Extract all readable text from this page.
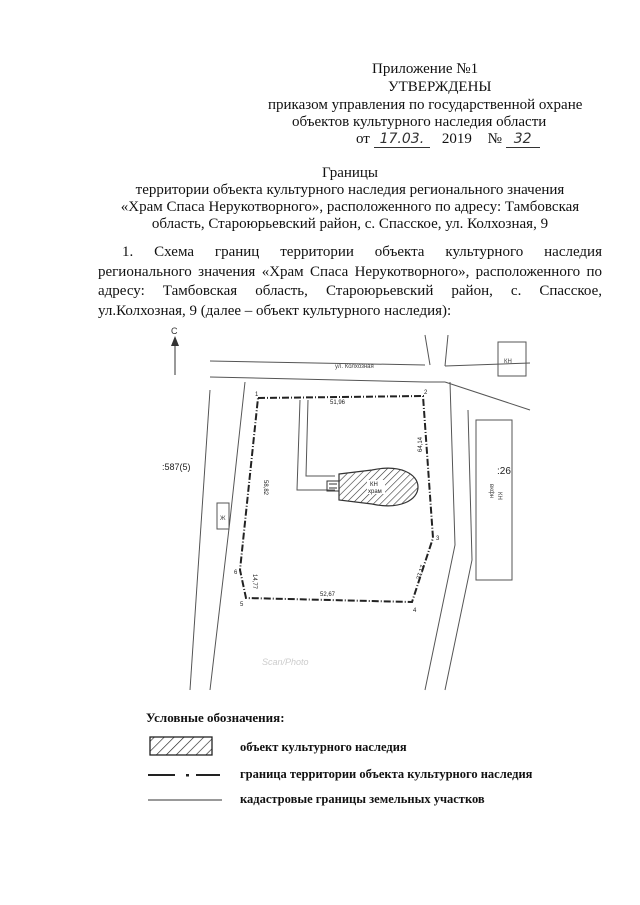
Приложение №1
УТВЕРЖДЕНЫ
приказом управления по государственной охране
объектов культурного наследия области
от 17.03. 2019 № 32
Границы
территории объекта культурного наследия регионального значения
«Храм Спаса Нерукотворного», расположенного по адресу: Тамбовская
область, Староюрьевский район, с. Спасское, ул. Колхозная, 9
1. Схема границ территории объекта культурного наследия
регионального значения «Храм Спаса Нерукотворного», расположенного по
адресу: Тамбовская область, Староюрьевский район, с. Спасское,
ул.Колхозная, 9 (далее – объект культурного наследия):
С
ул. Колхозная
КН
:587(5)	:26
КН
вкфн
Ж
КН
храм
1	2
3
4
5
6
51,96
64,14
27,17
52,67
14,77
58,82
Scan/Photo
Условные обозначения:
объект культурного наследия
граница территории объекта культурного наследия
кадастровые границы земельных участков
